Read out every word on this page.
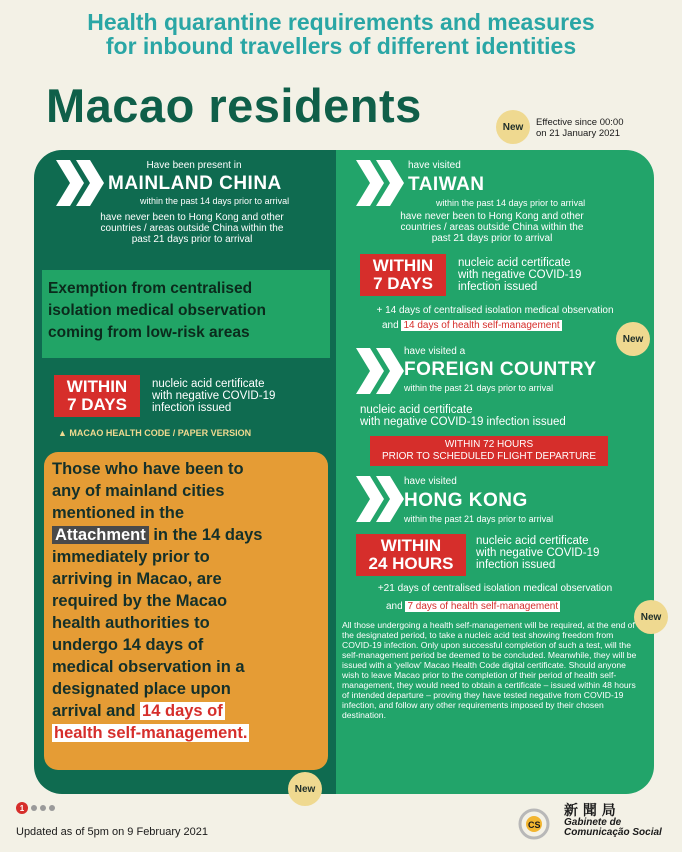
Health quarantine requirements and measures
for inbound travellers of different identities
Macao residents	New	Effective since 00:00
on 21 January 2021
Have been present in
MAINLAND CHINA
within the past 14 days prior to arrival
have never been to Hong Kong and other
countries / areas outside China within the
past 21 days prior to arrival
Exemption from centralised
isolation medical observation
coming from low-risk areas
WITHIN
7 DAYS
nucleic acid certificate
with negative COVID-19
infection issued
▲ MACAO HEALTH CODE / PAPER VERSION
Those who have been to
any of mainland cities
mentioned in the
Attachment in the 14 days
immediately prior to
arriving in Macao, are
required by the Macao
health authorities to
undergo 14 days of
medical observation in a
designated place upon
arrival and 14 days of
health self-management.
New
have visited
TAIWAN
within the past 14 days prior to arrival
have never been to Hong Kong and other
countries / areas outside China within the
past 21 days prior to arrival
WITHIN
7 DAYS
nucleic acid certificate
with negative COVID-19
infection issued
+ 14 days of centralised isolation medical observation
and 14 days of health self-management
New
have visited a
FOREIGN COUNTRY
within the past 21 days prior to arrival
nucleic acid certificate
with negative COVID-19 infection issued
WITHIN 72 HOURS
PRIOR TO SCHEDULED FLIGHT DEPARTURE
have visited
HONG KONG
within the past 21 days prior to arrival
WITHIN
24 HOURS
nucleic acid certificate
with negative COVID-19
infection issued
+21 days of centralised isolation medical observation
and 7 days of health self-management
New
All those undergoing a health self-management will be required, at the end of the designated period, to take a nucleic acid test showing freedom from COVID-19 infection. Only upon successful completion of such a test, will the self-management period be deemed to be concluded. Meanwhile, they will be issued with a ‘yellow’ Macao Health Code digital certificate. Should anyone wish to leave Macao prior to the completion of their period of health self-management, they would need to obtain a certificate – issued within 48 hours of intended departure – proving they have tested negative from COVID-19 infection, and follow any other requirements imposed by their chosen destination.
1
Updated as of 5pm on 9 February 2021
CS
新 聞 局
Gabinete de
Comunicação Social
